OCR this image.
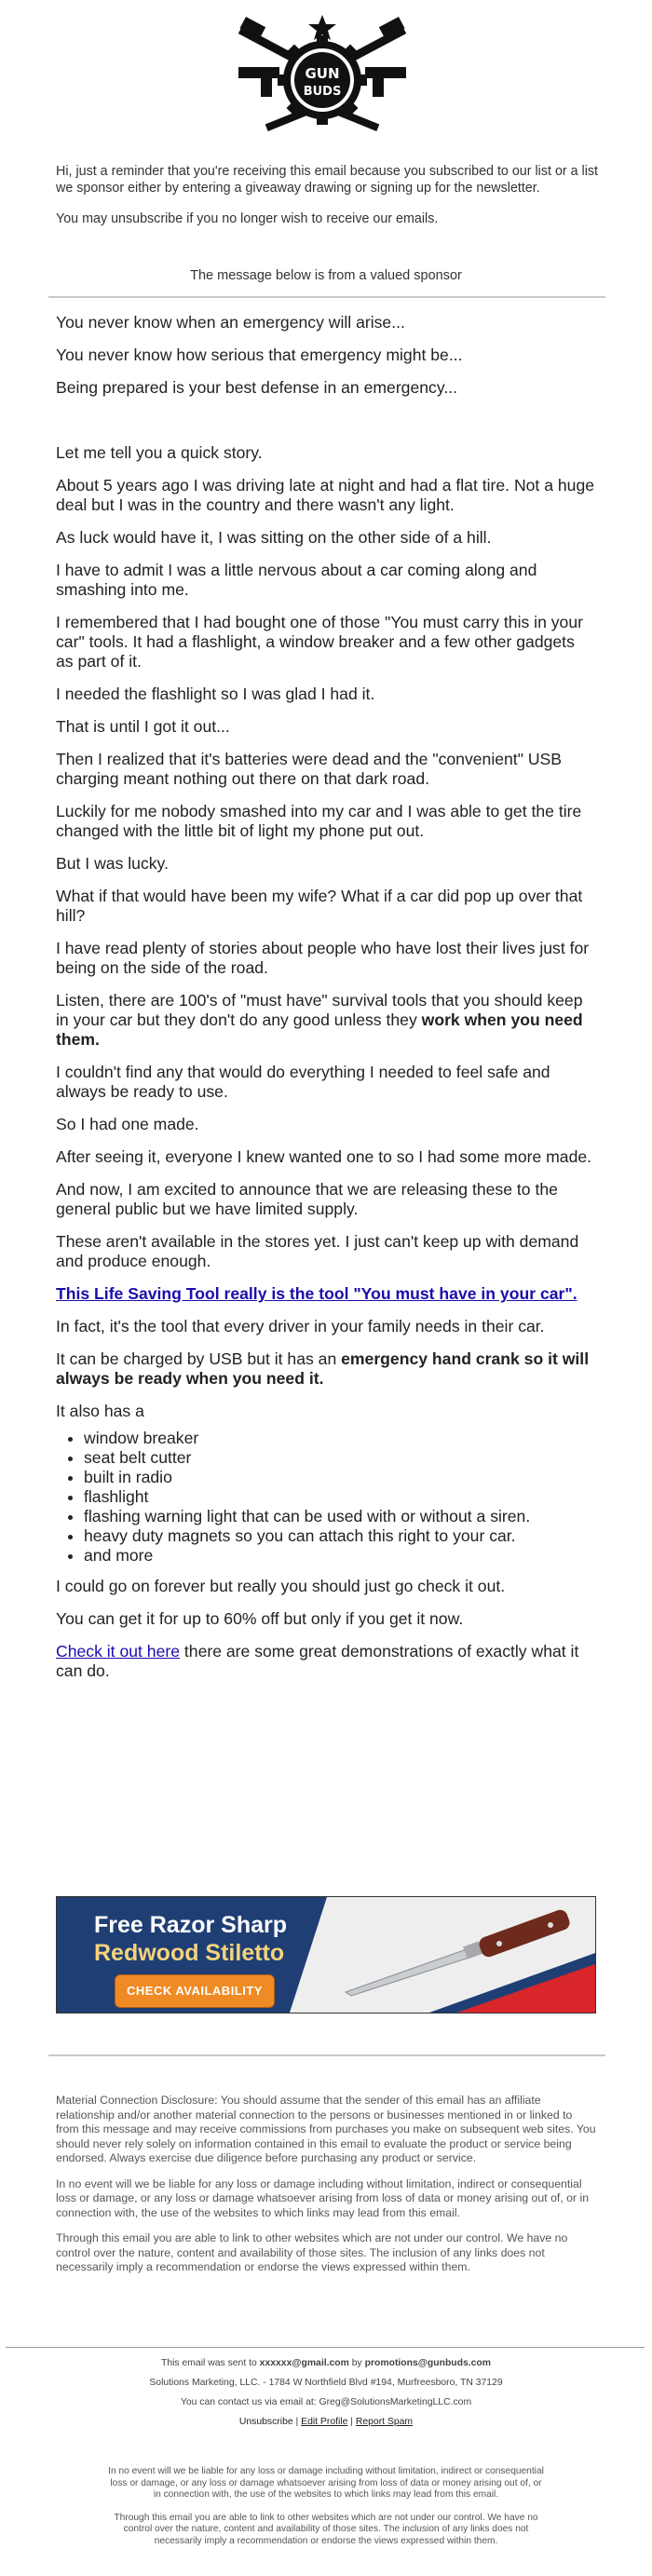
GUN
BUDS

Hi, just a reminder that you're receiving this email because you subscribed to our list or a list we sponsor either by entering a giveaway drawing or signing up for the newsletter.

You may unsubscribe if you no longer wish to receive our emails.

The message below is from a valued sponsor

You never know when an emergency will arise...

You never know how serious that emergency might be...

Being prepared is your best defense in an emergency...

Let me tell you a quick story.

About 5 years ago I was driving late at night and had a flat tire. Not a huge deal but I was in the country and there wasn't any light.

As luck would have it, I was sitting on the other side of a hill.

I have to admit I was a little nervous about a car coming along and smashing into me.

I remembered that I had bought one of those "You must carry this in your car" tools. It had a flashlight, a window breaker and a few other gadgets as part of it.

I needed the flashlight so I was glad I had it.

That is until I got it out...

Then I realized that it's batteries were dead and the "convenient" USB charging meant nothing out there on that dark road.

Luckily for me nobody smashed into my car and I was able to get the tire changed with the little bit of light my phone put out.

But I was lucky.

What if that would have been my wife? What if a car did pop up over that hill?

I have read plenty of stories about people who have lost their lives just for being on the side of the road.

Listen, there are 100's of "must have" survival tools that you should keep in your car but they don't do any good unless they work when you need them.

I couldn't find any that would do everything I needed to feel safe and always be ready to use.

So I had one made.

After seeing it, everyone I knew wanted one to so I had some more made.

And now, I am excited to announce that we are releasing these to the general public but we have limited supply.

These aren't available in the stores yet. I just can't keep up with demand and produce enough.

This Life Saving Tool really is the tool "You must have in your car".

In fact, it's the tool that every driver in your family needs in their car.

It can be charged by USB but it has an emergency hand crank so it will always be ready when you need it.

It also has a

• window breaker
• seat belt cutter
• built in radio
• flashlight
• flashing warning light that can be used with or without a siren.
• heavy duty magnets so you can attach this right to your car.
• and more

I could go on forever but really you should just go check it out.

You can get it for up to 60% off but only if you get it now.

Check it out here there are some great demonstrations of exactly what it can do.

Free Razor Sharp
Redwood Stiletto
CHECK AVAILABILITY

Material Connection Disclosure: You should assume that the sender of this email has an affiliate relationship and/or another material connection to the persons or businesses mentioned in or linked to from this message and may receive commissions from purchases you make on subsequent web sites. You should never rely solely on information contained in this email to evaluate the product or service being endorsed. Always exercise due diligence before purchasing any product or service.

In no event will we be liable for any loss or damage including without limitation, indirect or consequential loss or damage, or any loss or damage whatsoever arising from loss of data or money arising out of, or in connection with, the use of the websites to which links may lead from this email.

Through this email you are able to link to other websites which are not under our control. We have no control over the nature, content and availability of those sites. The inclusion of any links does not necessarily imply a recommendation or endorse the views expressed within them.

This email was sent to xxxxxx@gmail.com by promotions@gunbuds.com

Solutions Marketing, LLC. - 1784 W Northfield Blvd #194, Murfreesboro, TN 37129

You can contact us via email at: Greg@SolutionsMarketingLLC.com

Unsubscribe | Edit Profile | Report Spam

In no event will we be liable for any loss or damage including without limitation, indirect or consequential loss or damage, or any loss or damage whatsoever arising from loss of data or money arising out of, or in connection with, the use of the websites to which links may lead from this email.

Through this email you are able to link to other websites which are not under our control. We have no control over the nature, content and availability of those sites. The inclusion of any links does not necessarily imply a recommendation or endorse the views expressed within them.
